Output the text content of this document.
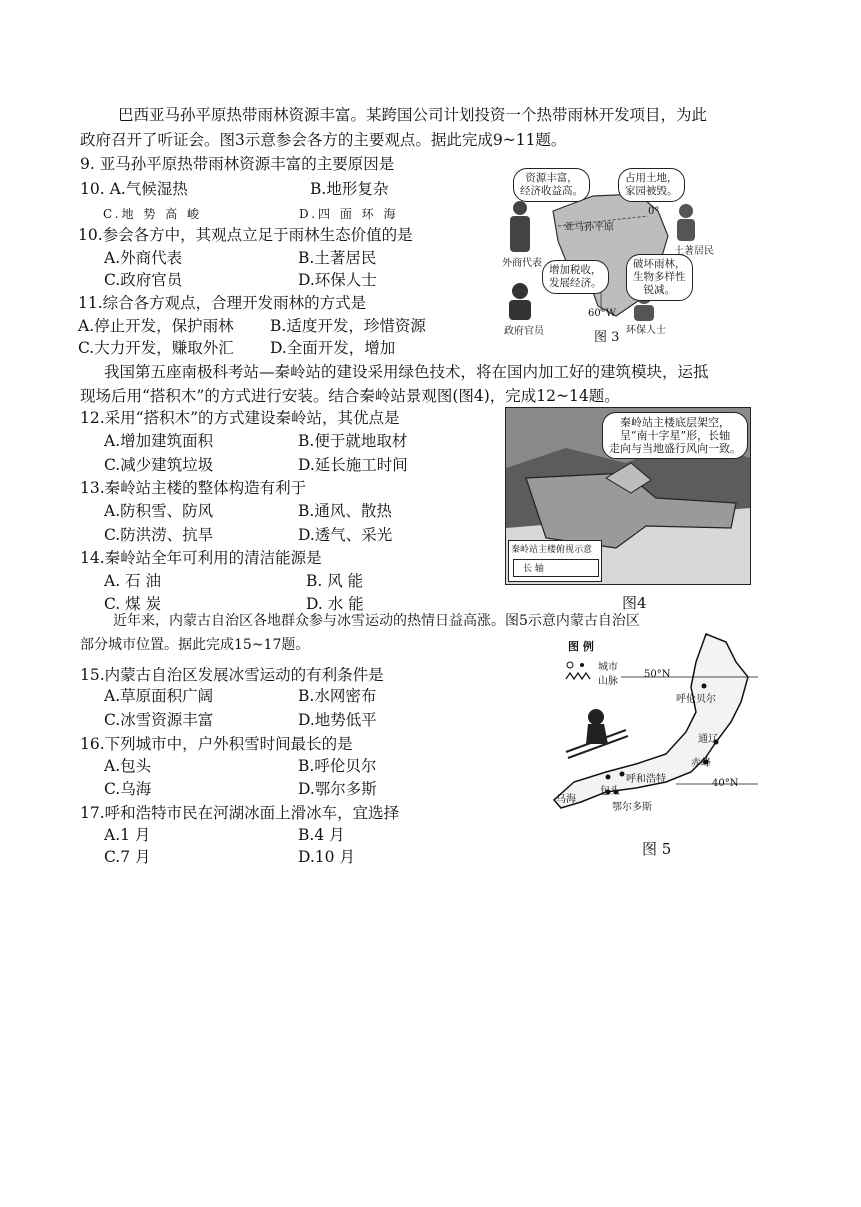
巴西亚马孙平原热带雨林资源丰富。某跨国公司计划投资一个热带雨林开发项目，为此
政府召开了听证会。图3示意参会各方的主要观点。据此完成9~11题。
9. 亚马孙平原热带雨林资源丰富的主要原因是
10. A.气候湿热	B.地形复杂
C.地 势 高 峻	D.四 面 环 海
10.参会各方中，其观点立足于雨林生态价值的是
A.外商代表	B.土著居民
C.政府官员	D.环保人士
11.综合各方观点，合理开发雨林的方式是
A.停止开发，保护雨林 B.适度开发，珍惜资源
C.大力开发，赚取外汇 D.全面开发，增加
资源丰富，
经济收益高。
占用土地，
家园被毁。
增加税收，
发展经济。
破坏雨林，
生物多样性
锐减。
亚马孙平原
0°
60°W
外商代表
土著居民
政府官员	环保人士
图 3
我国第五座南极科考站—秦岭站的建设采用绿色技术，将在国内加工好的建筑模块，运抵
现场后用“搭积木”的方式进行安装。结合秦岭站景观图(图4)，完成12~14题。
12.采用“搭积木”的方式建设秦岭站，其优点是
A.增加建筑面积	B.便于就地取材
C.减少建筑垃圾	D.延长施工时间
13.秦岭站主楼的整体构造有利于
A.防积雪、防风	B.通风、散热
C.防洪涝、抗旱	D.透气、采光
14.秦岭站全年可利用的清洁能源是
A. 石 油	B. 风 能
C. 煤 炭	D. 水 能
秦岭站主楼底层架空，
呈“南十字星”形，长轴
走向与当地盛行风向一致。
秦岭站主楼俯视示意
长 轴
图4
近年来，内蒙古自治区各地群众参与冰雪运动的热情日益高涨。图5示意内蒙古自治区
部分城市位置。据此完成15~17题。
15.内蒙古自治区发展冰雪运动的有利条件是
A.草原面积广阔	B.水网密布
C.冰雪资源丰富	D.地势低平
16.下列城市中，户外积雪时间最长的是
A.包头	B.呼伦贝尔
C.乌海	D.鄂尔多斯
17.呼和浩特市民在河湖冰面上滑冰车，宜选择
A.1 月	B.4 月
C.7 月	D.10 月
图 例
城市
山脉
50°N
40°N
呼伦贝尔
通辽
赤峰
包头
呼和浩特
乌海
鄂尔多斯
图 5
